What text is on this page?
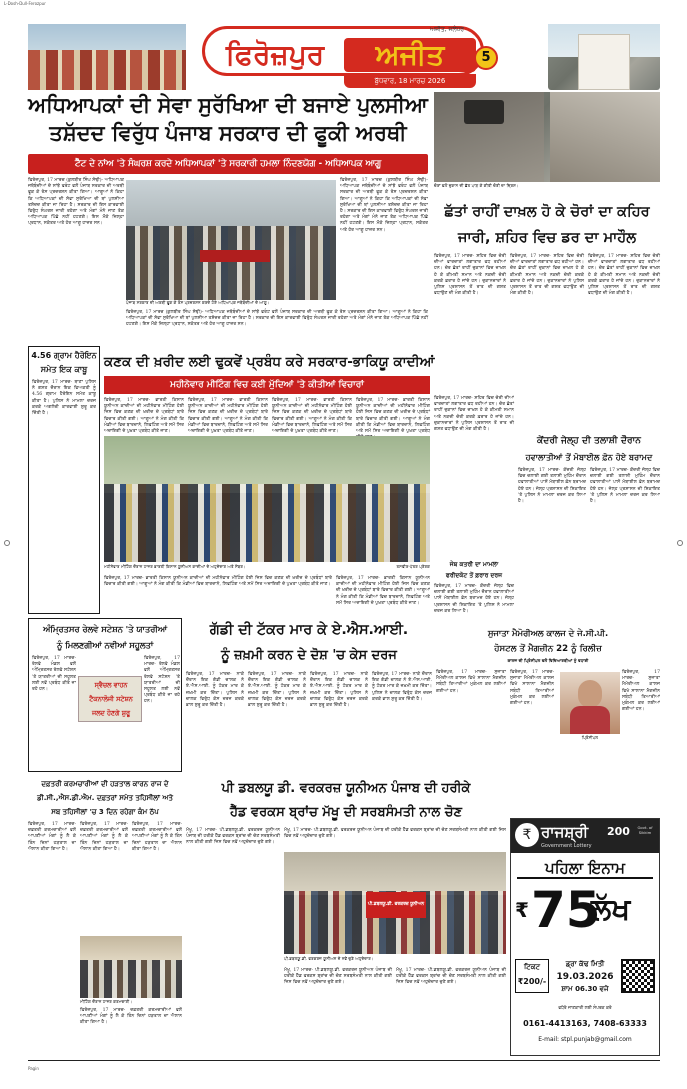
L-Dosh-Dull-Ferozpur
ਅਜੀਤ, ਜਲੰਧਰ
ਫਿਰੋਜ਼ਪੁਰ	ਅਜੀਤ
ਬੁੱਧਵਾਰ, 18 ਮਾਰਚ 2026
5
ਅਧਿਆਪਕਾਂ ਦੀ ਸੇਵਾ ਸੁਰੱਖਿਆ ਦੀ ਬਜਾਏ ਪੁਲਸੀਆ
ਤਸ਼ੱਦਦ ਵਿਰੁੱਧ ਪੰਜਾਬ ਸਰਕਾਰ ਦੀ ਫੂਕੀ ਅਰਥੀ
ਟੈੱਟ ਦੇ ਨਾਂਅ 'ਤੇ ਸੰਘਰਸ਼ ਕਰਦੇ ਅਧਿਆਪਕਾਂ 'ਤੇ ਸਰਕਾਰੀ ਹਮਲਾ ਨਿੰਦਣਯੋਗ - ਅਧਿਆਪਕ ਆਗੂ
ਫਿਰੋਜ਼ਪੁਰ, 17 ਮਾਰਚ (ਕੁਲਬੀਰ ਸਿੰਘ ਸੋਢੀ)- ਅਧਿਆਪਕ ਜਥੇਬੰਦੀਆਂ ਦੇ ਸਾਂਝੇ ਫਰੰਟ ਵਲੋਂ ਪੰਜਾਬ ਸਰਕਾਰ ਦੀ ਅਰਥੀ ਫੂਕ ਕੇ ਰੋਸ ਪ੍ਰਦਰਸ਼ਨ ਕੀਤਾ ਗਿਆ। ਆਗੂਆਂ ਨੇ ਕਿਹਾ ਕਿ ਅਧਿਆਪਕਾਂ ਦੀ ਸੇਵਾ ਸੁਰੱਖਿਆ ਦੀ ਥਾਂ ਪੁਲਸੀਆ ਤਸ਼ੱਦਦ ਕੀਤਾ ਜਾ ਰਿਹਾ ਹੈ। ਸਰਕਾਰ ਦੀ ਇਸ ਕਾਰਵਾਈ ਵਿਰੁੱਧ ਸੰਘਰਸ਼ ਜਾਰੀ ਰਹੇਗਾ ਅਤੇ ਮੰਗਾਂ ਮੰਨੇ ਜਾਣ ਤੱਕ ਅਧਿਆਪਕ ਪਿੱਛੇ ਨਹੀਂ ਹਟਣਗੇ। ਇਸ ਮੌਕੇ ਜ਼ਿਲ੍ਹਾ ਪ੍ਰਧਾਨ, ਸਕੱਤਰ ਅਤੇ ਹੋਰ ਆਗੂ ਹਾਜ਼ਰ ਸਨ।
ਫਿਰੋਜ਼ਪੁਰ, 17 ਮਾਰਚ (ਕੁਲਬੀਰ ਸਿੰਘ ਸੋਢੀ)- ਅਧਿਆਪਕ ਜਥੇਬੰਦੀਆਂ ਦੇ ਸਾਂਝੇ ਫਰੰਟ ਵਲੋਂ ਪੰਜਾਬ ਸਰਕਾਰ ਦੀ ਅਰਥੀ ਫੂਕ ਕੇ ਰੋਸ ਪ੍ਰਦਰਸ਼ਨ ਕੀਤਾ ਗਿਆ। ਆਗੂਆਂ ਨੇ ਕਿਹਾ ਕਿ ਅਧਿਆਪਕਾਂ ਦੀ ਸੇਵਾ ਸੁਰੱਖਿਆ ਦੀ ਥਾਂ ਪੁਲਸੀਆ ਤਸ਼ੱਦਦ ਕੀਤਾ ਜਾ ਰਿਹਾ ਹੈ। ਸਰਕਾਰ ਦੀ ਇਸ ਕਾਰਵਾਈ ਵਿਰੁੱਧ ਸੰਘਰਸ਼ ਜਾਰੀ ਰਹੇਗਾ ਅਤੇ ਮੰਗਾਂ ਮੰਨੇ ਜਾਣ ਤੱਕ ਅਧਿਆਪਕ ਪਿੱਛੇ ਨਹੀਂ ਹਟਣਗੇ। ਇਸ ਮੌਕੇ ਜ਼ਿਲ੍ਹਾ ਪ੍ਰਧਾਨ, ਸਕੱਤਰ ਅਤੇ ਹੋਰ ਆਗੂ ਹਾਜ਼ਰ ਸਨ।
ਪੰਜਾਬ ਸਰਕਾਰ ਦੀ ਅਰਥੀ ਫੂਕ ਕੇ ਰੋਸ ਪ੍ਰਦਰਸ਼ਨ ਕਰਦੇ ਹੋਏ ਅਧਿਆਪਕ ਜਥੇਬੰਦੀਆਂ ਦੇ ਆਗੂ।
ਫਿਰੋਜ਼ਪੁਰ, 17 ਮਾਰਚ (ਕੁਲਬੀਰ ਸਿੰਘ ਸੋਢੀ)- ਅਧਿਆਪਕ ਜਥੇਬੰਦੀਆਂ ਦੇ ਸਾਂਝੇ ਫਰੰਟ ਵਲੋਂ ਪੰਜਾਬ ਸਰਕਾਰ ਦੀ ਅਰਥੀ ਫੂਕ ਕੇ ਰੋਸ ਪ੍ਰਦਰਸ਼ਨ ਕੀਤਾ ਗਿਆ। ਆਗੂਆਂ ਨੇ ਕਿਹਾ ਕਿ ਅਧਿਆਪਕਾਂ ਦੀ ਸੇਵਾ ਸੁਰੱਖਿਆ ਦੀ ਥਾਂ ਪੁਲਸੀਆ ਤਸ਼ੱਦਦ ਕੀਤਾ ਜਾ ਰਿਹਾ ਹੈ। ਸਰਕਾਰ ਦੀ ਇਸ ਕਾਰਵਾਈ ਵਿਰੁੱਧ ਸੰਘਰਸ਼ ਜਾਰੀ ਰਹੇਗਾ ਅਤੇ ਮੰਗਾਂ ਮੰਨੇ ਜਾਣ ਤੱਕ ਅਧਿਆਪਕ ਪਿੱਛੇ ਨਹੀਂ ਹਟਣਗੇ। ਇਸ ਮੌਕੇ ਜ਼ਿਲ੍ਹਾ ਪ੍ਰਧਾਨ, ਸਕੱਤਰ ਅਤੇ ਹੋਰ ਆਗੂ ਹਾਜ਼ਰ ਸਨ।
ਚੋਰਾਂ ਵਲੋਂ ਦੁਕਾਨ ਦੀ ਛੱਤ ਪਾੜ ਕੇ ਕੀਤੀ ਚੋਰੀ ਦਾ ਦ੍ਰਿਸ਼।
ਛੱਤਾਂ ਰਾਹੀਂ ਦਾਖ਼ਲ ਹੋ ਕੇ ਚੋਰਾਂ ਦਾ ਕਹਿਰ
ਜਾਰੀ, ਸ਼ਹਿਰ ਵਿਚ ਡਰ ਦਾ ਮਾਹੌਲ
ਫਿਰੋਜ਼ਪੁਰ, 17 ਮਾਰਚ- ਸ਼ਹਿਰ ਵਿਚ ਚੋਰੀ ਦੀਆਂ ਵਾਰਦਾਤਾਂ ਲਗਾਤਾਰ ਵਧ ਰਹੀਆਂ ਹਨ। ਚੋਰ ਛੱਤਾਂ ਰਾਹੀਂ ਦੁਕਾਨਾਂ ਵਿਚ ਦਾਖ਼ਲ ਹੋ ਕੇ ਕੀਮਤੀ ਸਮਾਨ ਅਤੇ ਨਕਦੀ ਚੋਰੀ ਕਰਕੇ ਫ਼ਰਾਰ ਹੋ ਜਾਂਦੇ ਹਨ। ਦੁਕਾਨਦਾਰਾਂ ਨੇ ਪੁਲਿਸ ਪ੍ਰਸ਼ਾਸਨ ਤੋਂ ਰਾਤ ਦੀ ਗਸ਼ਤ ਵਧਾਉਣ ਦੀ ਮੰਗ ਕੀਤੀ ਹੈ।
ਫਿਰੋਜ਼ਪੁਰ, 17 ਮਾਰਚ- ਸ਼ਹਿਰ ਵਿਚ ਚੋਰੀ ਦੀਆਂ ਵਾਰਦਾਤਾਂ ਲਗਾਤਾਰ ਵਧ ਰਹੀਆਂ ਹਨ। ਚੋਰ ਛੱਤਾਂ ਰਾਹੀਂ ਦੁਕਾਨਾਂ ਵਿਚ ਦਾਖ਼ਲ ਹੋ ਕੇ ਕੀਮਤੀ ਸਮਾਨ ਅਤੇ ਨਕਦੀ ਚੋਰੀ ਕਰਕੇ ਫ਼ਰਾਰ ਹੋ ਜਾਂਦੇ ਹਨ। ਦੁਕਾਨਦਾਰਾਂ ਨੇ ਪੁਲਿਸ ਪ੍ਰਸ਼ਾਸਨ ਤੋਂ ਰਾਤ ਦੀ ਗਸ਼ਤ ਵਧਾਉਣ ਦੀ ਮੰਗ ਕੀਤੀ ਹੈ।
ਫਿਰੋਜ਼ਪੁਰ, 17 ਮਾਰਚ- ਸ਼ਹਿਰ ਵਿਚ ਚੋਰੀ ਦੀਆਂ ਵਾਰਦਾਤਾਂ ਲਗਾਤਾਰ ਵਧ ਰਹੀਆਂ ਹਨ। ਚੋਰ ਛੱਤਾਂ ਰਾਹੀਂ ਦੁਕਾਨਾਂ ਵਿਚ ਦਾਖ਼ਲ ਹੋ ਕੇ ਕੀਮਤੀ ਸਮਾਨ ਅਤੇ ਨਕਦੀ ਚੋਰੀ ਕਰਕੇ ਫ਼ਰਾਰ ਹੋ ਜਾਂਦੇ ਹਨ। ਦੁਕਾਨਦਾਰਾਂ ਨੇ ਪੁਲਿਸ ਪ੍ਰਸ਼ਾਸਨ ਤੋਂ ਰਾਤ ਦੀ ਗਸ਼ਤ ਵਧਾਉਣ ਦੀ ਮੰਗ ਕੀਤੀ ਹੈ।
4.56 ਗ੍ਰਾਮ ਹੈਰੋਇਨ
ਸਮੇਤ ਇਕ ਕਾਬੂ
ਫਿਰੋਜ਼ਪੁਰ, 17 ਮਾਰਚ- ਥਾਣਾ ਪੁਲਿਸ ਨੇ ਗਸ਼ਤ ਦੌਰਾਨ ਇਕ ਵਿਅਕਤੀ ਨੂੰ 4.56 ਗ੍ਰਾਮ ਹੈਰੋਇਨ ਸਮੇਤ ਕਾਬੂ ਕੀਤਾ ਹੈ। ਪੁਲਿਸ ਨੇ ਮਾਮਲਾ ਦਰਜ ਕਰਕੇ ਅਗਲੇਰੀ ਕਾਰਵਾਈ ਸ਼ੁਰੂ ਕਰ ਦਿੱਤੀ ਹੈ।
ਕਣਕ ਦੀ ਖ਼ਰੀਦ ਲਈ ਢੁਕਵੇਂ ਪ੍ਰਬੰਧ ਕਰੇ ਸਰਕਾਰ-ਭਾਕਿਯੂ ਕਾਦੀਆਂ
ਮਹੀਨੇਵਾਰ ਮੀਟਿੰਗ ਵਿਚ ਕਈ ਮੁੱਦਿਆਂ 'ਤੇ ਕੀਤੀਆਂ ਵਿਚਾਰਾਂ
ਫਿਰੋਜ਼ਪੁਰ, 17 ਮਾਰਚ- ਭਾਰਤੀ ਕਿਸਾਨ ਯੂਨੀਅਨ ਕਾਦੀਆਂ ਦੀ ਮਹੀਨੇਵਾਰ ਮੀਟਿੰਗ ਹੋਈ ਜਿਸ ਵਿਚ ਕਣਕ ਦੀ ਖ਼ਰੀਦ ਦੇ ਪ੍ਰਬੰਧਾਂ ਬਾਰੇ ਵਿਚਾਰ ਕੀਤੀ ਗਈ। ਆਗੂਆਂ ਨੇ ਮੰਗ ਕੀਤੀ ਕਿ ਮੰਡੀਆਂ ਵਿਚ ਬਾਰਦਾਨੇ, ਲਿਫਟਿੰਗ ਅਤੇ ਸਮੇਂ ਸਿਰ ਅਦਾਇਗੀ ਦੇ ਪੁਖ਼ਤਾ ਪ੍ਰਬੰਧ ਕੀਤੇ ਜਾਣ।
ਫਿਰੋਜ਼ਪੁਰ, 17 ਮਾਰਚ- ਭਾਰਤੀ ਕਿਸਾਨ ਯੂਨੀਅਨ ਕਾਦੀਆਂ ਦੀ ਮਹੀਨੇਵਾਰ ਮੀਟਿੰਗ ਹੋਈ ਜਿਸ ਵਿਚ ਕਣਕ ਦੀ ਖ਼ਰੀਦ ਦੇ ਪ੍ਰਬੰਧਾਂ ਬਾਰੇ ਵਿਚਾਰ ਕੀਤੀ ਗਈ। ਆਗੂਆਂ ਨੇ ਮੰਗ ਕੀਤੀ ਕਿ ਮੰਡੀਆਂ ਵਿਚ ਬਾਰਦਾਨੇ, ਲਿਫਟਿੰਗ ਅਤੇ ਸਮੇਂ ਸਿਰ ਅਦਾਇਗੀ ਦੇ ਪੁਖ਼ਤਾ ਪ੍ਰਬੰਧ ਕੀਤੇ ਜਾਣ।
ਫਿਰੋਜ਼ਪੁਰ, 17 ਮਾਰਚ- ਭਾਰਤੀ ਕਿਸਾਨ ਯੂਨੀਅਨ ਕਾਦੀਆਂ ਦੀ ਮਹੀਨੇਵਾਰ ਮੀਟਿੰਗ ਹੋਈ ਜਿਸ ਵਿਚ ਕਣਕ ਦੀ ਖ਼ਰੀਦ ਦੇ ਪ੍ਰਬੰਧਾਂ ਬਾਰੇ ਵਿਚਾਰ ਕੀਤੀ ਗਈ। ਆਗੂਆਂ ਨੇ ਮੰਗ ਕੀਤੀ ਕਿ ਮੰਡੀਆਂ ਵਿਚ ਬਾਰਦਾਨੇ, ਲਿਫਟਿੰਗ ਅਤੇ ਸਮੇਂ ਸਿਰ ਅਦਾਇਗੀ ਦੇ ਪੁਖ਼ਤਾ ਪ੍ਰਬੰਧ ਕੀਤੇ ਜਾਣ।
ਫਿਰੋਜ਼ਪੁਰ, 17 ਮਾਰਚ- ਭਾਰਤੀ ਕਿਸਾਨ ਯੂਨੀਅਨ ਕਾਦੀਆਂ ਦੀ ਮਹੀਨੇਵਾਰ ਮੀਟਿੰਗ ਹੋਈ ਜਿਸ ਵਿਚ ਕਣਕ ਦੀ ਖ਼ਰੀਦ ਦੇ ਪ੍ਰਬੰਧਾਂ ਬਾਰੇ ਵਿਚਾਰ ਕੀਤੀ ਗਈ। ਆਗੂਆਂ ਨੇ ਮੰਗ ਕੀਤੀ ਕਿ ਮੰਡੀਆਂ ਵਿਚ ਬਾਰਦਾਨੇ, ਲਿਫਟਿੰਗ ਅਤੇ ਸਮੇਂ ਸਿਰ ਅਦਾਇਗੀ ਦੇ ਪੁਖ਼ਤਾ ਪ੍ਰਬੰਧ
ਮਹੀਨੇਵਾਰ ਮੀਟਿੰਗ ਦੌਰਾਨ ਹਾਜ਼ਰ ਭਾਰਤੀ ਕਿਸਾਨ ਯੂਨੀਅਨ ਕਾਦੀਆਂ ਦੇ ਅਹੁਦੇਦਾਰ ਅਤੇ ਮੈਂਬਰ।	ਤਸਵੀਰ-ਪੱਤਰ ਪ੍ਰੇਰਕ
ਫਿਰੋਜ਼ਪੁਰ, 17 ਮਾਰਚ- ਭਾਰਤੀ ਕਿਸਾਨ ਯੂਨੀਅਨ ਕਾਦੀਆਂ ਦੀ ਮਹੀਨੇਵਾਰ ਮੀਟਿੰਗ ਹੋਈ ਜਿਸ ਵਿਚ ਕਣਕ ਦੀ ਖ਼ਰੀਦ ਦੇ ਪ੍ਰਬੰਧਾਂ ਬਾਰੇ ਵਿਚਾਰ ਕੀਤੀ ਗਈ। ਆਗੂਆਂ ਨੇ ਮੰਗ ਕੀਤੀ ਕਿ ਮੰਡੀਆਂ ਵਿਚ ਬਾਰਦਾਨੇ, ਲਿਫਟਿੰਗ ਅਤੇ ਸਮੇਂ ਸਿਰ ਅਦਾਇਗੀ ਦੇ ਪੁਖ਼ਤਾ ਪ੍ਰਬੰਧ ਕੀਤੇ ਜਾਣ।
ਫਿਰੋਜ਼ਪੁਰ, 17 ਮਾਰਚ- ਭਾਰਤੀ ਕਿਸਾਨ ਯੂਨੀਅਨ ਕਾਦੀਆਂ ਦੀ ਮਹੀਨੇਵਾਰ ਮੀਟਿੰਗ ਹੋਈ ਜਿਸ ਵਿਚ ਕਣਕ ਦੀ ਖ਼ਰੀਦ ਦੇ ਪ੍ਰਬੰਧਾਂ ਬਾਰੇ ਵਿਚਾਰ ਕੀਤੀ ਗਈ। ਆਗੂਆਂ ਨੇ ਮੰਗ ਕੀਤੀ ਕਿ ਮੰਡੀਆਂ ਵਿਚ ਬਾਰਦਾਨੇ, ਲਿਫਟਿੰਗ ਅਤੇ ਸਮੇਂ ਸਿਰ ਅਦਾਇਗੀ ਦੇ ਪੁਖ਼ਤਾ ਪ੍ਰਬੰਧ ਕੀਤੇ ਜਾਣ।
ਫਿਰੋਜ਼ਪੁਰ, 17 ਮਾਰਚ- ਸ਼ਹਿਰ ਵਿਚ ਚੋਰੀ ਦੀਆਂ ਵਾਰਦਾਤਾਂ ਲਗਾਤਾਰ ਵਧ ਰਹੀਆਂ ਹਨ। ਚੋਰ ਛੱਤਾਂ ਰਾਹੀਂ ਦੁਕਾਨਾਂ ਵਿਚ ਦਾਖ਼ਲ ਹੋ ਕੇ ਕੀਮਤੀ ਸਮਾਨ ਅਤੇ ਨਕਦੀ ਚੋਰੀ ਕਰਕੇ ਫ਼ਰਾਰ ਹੋ ਜਾਂਦੇ ਹਨ। ਦੁਕਾਨਦਾਰਾਂ ਨੇ ਪੁਲਿਸ ਪ੍ਰਸ਼ਾਸਨ ਤੋਂ ਰਾਤ ਦੀ ਗਸ਼ਤ ਵਧਾਉਣ ਦੀ ਮੰਗ ਕੀਤੀ ਹੈ।
ਜੇਬ ਕਤਰੀ ਦਾ ਮਾਮਲਾ
ਫਰੀਦਕੋਟ ਤੋਂ ਫ਼ਰਾਰ ਦਰਜ
ਫਿਰੋਜ਼ਪੁਰ, 17 ਮਾਰਚ- ਕੇਂਦਰੀ ਜੇਲ੍ਹ ਵਿਚ ਚਲਾਈ ਗਈ ਤਲਾਸ਼ੀ ਮੁਹਿੰਮ ਦੌਰਾਨ ਹਵਾਲਾਤੀਆਂ ਪਾਸੋਂ ਮੋਬਾਈਲ ਫ਼ੋਨ ਬਰਾਮਦ ਹੋਏ ਹਨ। ਜੇਲ੍ਹ ਪ੍ਰਸ਼ਾਸਨ ਦੀ ਸ਼ਿਕਾਇਤ 'ਤੇ ਪੁਲਿਸ ਨੇ ਮਾਮਲਾ ਦਰਜ ਕਰ ਲਿਆ ਹੈ।
ਕੇਂਦਰੀ ਜੇਲ੍ਹ ਦੀ ਤਲਾਸ਼ੀ ਦੌਰਾਨ
ਹਵਾਲਾਤੀਆਂ ਤੋਂ ਮੋਬਾਈਲ ਫ਼ੋਨ ਹੋਏ ਬਰਾਮਦ
ਫਿਰੋਜ਼ਪੁਰ, 17 ਮਾਰਚ- ਕੇਂਦਰੀ ਜੇਲ੍ਹ ਵਿਚ ਚਲਾਈ ਗਈ ਤਲਾਸ਼ੀ ਮੁਹਿੰਮ ਦੌਰਾਨ ਹਵਾਲਾਤੀਆਂ ਪਾਸੋਂ ਮੋਬਾਈਲ ਫ਼ੋਨ ਬਰਾਮਦ ਹੋਏ ਹਨ। ਜੇਲ੍ਹ ਪ੍ਰਸ਼ਾਸਨ ਦੀ ਸ਼ਿਕਾਇਤ 'ਤੇ ਪੁਲਿਸ ਨੇ ਮਾਮਲਾ ਦਰਜ ਕਰ ਲਿਆ ਹੈ।
ਫਿਰੋਜ਼ਪੁਰ, 17 ਮਾਰਚ- ਕੇਂਦਰੀ ਜੇਲ੍ਹ ਵਿਚ ਚਲਾਈ ਗਈ ਤਲਾਸ਼ੀ ਮੁਹਿੰਮ ਦੌਰਾਨ ਹਵਾਲਾਤੀਆਂ ਪਾਸੋਂ ਮੋਬਾਈਲ ਫ਼ੋਨ ਬਰਾਮਦ ਹੋਏ ਹਨ। ਜੇਲ੍ਹ ਪ੍ਰਸ਼ਾਸਨ ਦੀ ਸ਼ਿਕਾਇਤ 'ਤੇ ਪੁਲਿਸ ਨੇ ਮਾਮਲਾ ਦਰਜ ਕਰ ਲਿਆ ਹੈ।
ਅੰਮ੍ਰਿਤਸਰ ਰੇਲਵੇ ਸਟੇਸ਼ਨ 'ਤੇ ਯਾਤਰੀਆਂ
ਨੂੰ ਮਿਲਣਗੀਆਂ ਨਵੀਆਂ ਸਹੂਲਤਾਂ
ਫਿਰੋਜ਼ਪੁਰ, 17 ਮਾਰਚ- ਰੇਲਵੇ ਮੰਡਲ ਵਲੋਂ ਅੰਮ੍ਰਿਤਸਰ ਰੇਲਵੇ ਸਟੇਸ਼ਨ 'ਤੇ ਯਾਤਰੀਆਂ ਦੀ ਸਹੂਲਤ ਲਈ ਨਵੇਂ ਪ੍ਰਬੰਧ ਕੀਤੇ ਜਾ ਰਹੇ ਹਨ।
ਸ੍ਵੈਚਲ ਵਾਹਨ
ਟੈਕਨਾਲੋਜੀ ਸਟੇਸ਼ਨ
ਜਲਦ ਹੋਣਗੇ ਸ਼ੁਰੂ
ਫਿਰੋਜ਼ਪੁਰ, 17 ਮਾਰਚ- ਰੇਲਵੇ ਮੰਡਲ ਵਲੋਂ ਅੰਮ੍ਰਿਤਸਰ ਰੇਲਵੇ ਸਟੇਸ਼ਨ 'ਤੇ ਯਾਤਰੀਆਂ ਦੀ ਸਹੂਲਤ ਲਈ ਨਵੇਂ ਪ੍ਰਬੰਧ ਕੀਤੇ ਜਾ ਰਹੇ ਹਨ।
ਗੱਡੀ ਦੀ ਟੱਕਰ ਮਾਰ ਕੇ ਏ.ਐਸ.ਆਈ.
ਨੂੰ ਜ਼ਖ਼ਮੀ ਕਰਨ ਦੇ ਦੋਸ਼ 'ਚ ਕੇਸ ਦਰਜ
ਫਿਰੋਜ਼ਪੁਰ, 17 ਮਾਰਚ- ਨਾਕੇ ਦੌਰਾਨ ਇਕ ਗੱਡੀ ਚਾਲਕ ਨੇ ਏ.ਐਸ.ਆਈ. ਨੂੰ ਟੱਕਰ ਮਾਰ ਕੇ ਜ਼ਖ਼ਮੀ ਕਰ ਦਿੱਤਾ। ਪੁਲਿਸ ਨੇ ਚਾਲਕ ਵਿਰੁੱਧ ਕੇਸ ਦਰਜ ਕਰਕੇ ਭਾਲ ਸ਼ੁਰੂ ਕਰ ਦਿੱਤੀ ਹੈ।
ਫਿਰੋਜ਼ਪੁਰ, 17 ਮਾਰਚ- ਨਾਕੇ ਦੌਰਾਨ ਇਕ ਗੱਡੀ ਚਾਲਕ ਨੇ ਏ.ਐਸ.ਆਈ. ਨੂੰ ਟੱਕਰ ਮਾਰ ਕੇ ਜ਼ਖ਼ਮੀ ਕਰ ਦਿੱਤਾ। ਪੁਲਿਸ ਨੇ ਚਾਲਕ ਵਿਰੁੱਧ ਕੇਸ ਦਰਜ ਕਰਕੇ ਭਾਲ ਸ਼ੁਰੂ ਕਰ ਦਿੱਤੀ ਹੈ।
ਫਿਰੋਜ਼ਪੁਰ, 17 ਮਾਰਚ- ਨਾਕੇ ਦੌਰਾਨ ਇਕ ਗੱਡੀ ਚਾਲਕ ਨੇ ਏ.ਐਸ.ਆਈ. ਨੂੰ ਟੱਕਰ ਮਾਰ ਕੇ ਜ਼ਖ਼ਮੀ ਕਰ ਦਿੱਤਾ। ਪੁਲਿਸ ਨੇ ਚਾਲਕ ਵਿਰੁੱਧ ਕੇਸ ਦਰਜ ਕਰਕੇ ਭਾਲ ਸ਼ੁਰੂ ਕਰ ਦਿੱਤੀ ਹੈ।
ਫਿਰੋਜ਼ਪੁਰ, 17 ਮਾਰਚ- ਨਾਕੇ ਦੌਰਾਨ ਇਕ ਗੱਡੀ ਚਾਲਕ ਨੇ ਏ.ਐਸ.ਆਈ. ਨੂੰ ਟੱਕਰ ਮਾਰ ਕੇ ਜ਼ਖ਼ਮੀ ਕਰ ਦਿੱਤਾ। ਪੁਲਿਸ ਨੇ ਚਾਲਕ ਵਿਰੁੱਧ ਕੇਸ ਦਰਜ ਕਰਕੇ ਭਾਲ ਸ਼ੁਰੂ ਕਰ ਦਿੱਤੀ ਹੈ।
ਸੁਜਾਤਾ ਮੈਮੋਰੀਅਲ ਕਾਲਜ ਦੇ ਜੇ.ਸੀ.ਪੀ.
ਹੋਸਟਲ ਤੋਂ ਮੈਗਜ਼ੀਨ 22 ਨੂੰ ਰਿਲੀਜ਼
ਕਾਲਜ ਦੀ ਪ੍ਰਿੰਸੀਪਲ ਵਲੋਂ ਵਿਦਿਆਰਥੀਆਂ ਨੂੰ ਵਧਾਈ
ਫਿਰੋਜ਼ਪੁਰ, 17 ਮਾਰਚ- ਸੁਜਾਤਾ ਮੈਮੋਰੀਅਲ ਕਾਲਜ ਵਿਖੇ ਸਾਲਾਨਾ ਮੈਗਜ਼ੀਨ ਸਬੰਧੀ ਤਿਆਰੀਆਂ ਮੁਕੰਮਲ ਕਰ ਲਈਆਂ ਗਈਆਂ ਹਨ।
ਫਿਰੋਜ਼ਪੁਰ, 17 ਮਾਰਚ- ਸੁਜਾਤਾ ਮੈਮੋਰੀਅਲ ਕਾਲਜ ਵਿਖੇ ਸਾਲਾਨਾ ਮੈਗਜ਼ੀਨ ਸਬੰਧੀ ਤਿਆਰੀਆਂ ਮੁਕੰਮਲ ਕਰ ਲਈਆਂ ਗਈਆਂ ਹਨ।
ਪ੍ਰਿੰਸੀਪਲ
ਫਿਰੋਜ਼ਪੁਰ, 17 ਮਾਰਚ- ਸੁਜਾਤਾ ਮੈਮੋਰੀਅਲ ਕਾਲਜ ਵਿਖੇ ਸਾਲਾਨਾ ਮੈਗਜ਼ੀਨ ਸਬੰਧੀ ਤਿਆਰੀਆਂ ਮੁਕੰਮਲ ਕਰ ਲਈਆਂ ਗਈਆਂ ਹਨ।
ਪੀ ਡਬਲਯੂ ਡੀ. ਵਰਕਰਜ਼ ਯੂਨੀਅਨ ਪੰਜਾਬ ਦੀ ਹਰੀਕੇ
ਹੈੱਡ ਵਰਕਸ ਬ੍ਰਾਂਚ ਮੱਖੂ ਦੀ ਸਰਬਸੰਮਤੀ ਨਾਲ ਚੋਣ
ਮੱਖੂ, 17 ਮਾਰਚ- ਪੀ.ਡਬਲਯੂ.ਡੀ. ਵਰਕਰਜ਼ ਯੂਨੀਅਨ ਪੰਜਾਬ ਦੀ ਹਰੀਕੇ ਹੈੱਡ ਵਰਕਸ ਬ੍ਰਾਂਚ ਦੀ ਚੋਣ ਸਰਬਸੰਮਤੀ ਨਾਲ ਕੀਤੀ ਗਈ ਜਿਸ ਵਿਚ ਨਵੇਂ ਅਹੁਦੇਦਾਰ ਚੁਣੇ ਗਏ।
ਮੱਖੂ, 17 ਮਾਰਚ- ਪੀ.ਡਬਲਯੂ.ਡੀ. ਵਰਕਰਜ਼ ਯੂਨੀਅਨ ਪੰਜਾਬ ਦੀ ਹਰੀਕੇ ਹੈੱਡ ਵਰਕਸ ਬ੍ਰਾਂਚ ਦੀ ਚੋਣ ਸਰਬਸੰਮਤੀ ਨਾਲ ਕੀਤੀ ਗਈ ਜਿਸ ਵਿਚ ਨਵੇਂ ਅਹੁਦੇਦਾਰ ਚੁਣੇ ਗਏ।
ਪੀ.ਡਬਲਯੂ.ਡੀ. ਵਰਕਰਜ਼ ਯੂਨੀਅਨ
ਪੀ.ਡਬਲਯੂ.ਡੀ. ਵਰਕਰਜ਼ ਯੂਨੀਅਨ ਦੇ ਨਵੇਂ ਚੁਣੇ ਅਹੁਦੇਦਾਰ।
ਮੱਖੂ, 17 ਮਾਰਚ- ਪੀ.ਡਬਲਯੂ.ਡੀ. ਵਰਕਰਜ਼ ਯੂਨੀਅਨ ਪੰਜਾਬ ਦੀ ਹਰੀਕੇ ਹੈੱਡ ਵਰਕਸ ਬ੍ਰਾਂਚ ਦੀ ਚੋਣ ਸਰਬਸੰਮਤੀ ਨਾਲ ਕੀਤੀ ਗਈ ਜਿਸ ਵਿਚ ਨਵੇਂ ਅਹੁਦੇਦਾਰ ਚੁਣੇ ਗਏ।
ਮੱਖੂ, 17 ਮਾਰਚ- ਪੀ.ਡਬਲਯੂ.ਡੀ. ਵਰਕਰਜ਼ ਯੂਨੀਅਨ ਪੰਜਾਬ ਦੀ ਹਰੀਕੇ ਹੈੱਡ ਵਰਕਸ ਬ੍ਰਾਂਚ ਦੀ ਚੋਣ ਸਰਬਸੰਮਤੀ ਨਾਲ ਕੀਤੀ ਗਈ ਜਿਸ ਵਿਚ ਨਵੇਂ ਅਹੁਦੇਦਾਰ ਚੁਣੇ ਗਏ।
ਦਫ਼ਤਰੀ ਕਰਮਚਾਰੀਆਂ ਦੀ ਹੜਤਾਲ ਕਾਰਨ ਰਾਜ ਦੇ
ਡੀ.ਸੀ.,ਐਸ.ਡੀ.ਐਮ. ਦਫ਼ਤਰਾਂ ਸਮੇਤ ਤਹਿਸੀਲਾਂ ਅਤੇ
ਸਬ ਤਹਿਸੀਲਾਂ 'ਚ 3 ਦਿਨ ਰਹੇਗਾ ਕੰਮ ਠੱਪ
ਫਿਰੋਜ਼ਪੁਰ, 17 ਮਾਰਚ- ਦਫ਼ਤਰੀ ਕਰਮਚਾਰੀਆਂ ਵਲੋਂ ਆਪਣੀਆਂ ਮੰਗਾਂ ਨੂੰ ਲੈ ਕੇ ਤਿੰਨ ਦਿਨਾਂ ਹੜਤਾਲ ਦਾ ਐਲਾਨ ਕੀਤਾ ਗਿਆ ਹੈ।
ਫਿਰੋਜ਼ਪੁਰ, 17 ਮਾਰਚ- ਦਫ਼ਤਰੀ ਕਰਮਚਾਰੀਆਂ ਵਲੋਂ ਆਪਣੀਆਂ ਮੰਗਾਂ ਨੂੰ ਲੈ ਕੇ ਤਿੰਨ ਦਿਨਾਂ ਹੜਤਾਲ ਦਾ ਐਲਾਨ ਕੀਤਾ ਗਿਆ ਹੈ।
ਫਿਰੋਜ਼ਪੁਰ, 17 ਮਾਰਚ- ਦਫ਼ਤਰੀ ਕਰਮਚਾਰੀਆਂ ਵਲੋਂ ਆਪਣੀਆਂ ਮੰਗਾਂ ਨੂੰ ਲੈ ਕੇ ਤਿੰਨ ਦਿਨਾਂ ਹੜਤਾਲ ਦਾ ਐਲਾਨ ਕੀਤਾ ਗਿਆ ਹੈ।
ਮੀਟਿੰਗ ਦੌਰਾਨ ਹਾਜ਼ਰ ਕਰਮਚਾਰੀ।
ਫਿਰੋਜ਼ਪੁਰ, 17 ਮਾਰਚ- ਦਫ਼ਤਰੀ ਕਰਮਚਾਰੀਆਂ ਵਲੋਂ ਆਪਣੀਆਂ ਮੰਗਾਂ ਨੂੰ ਲੈ ਕੇ ਤਿੰਨ ਦਿਨਾਂ ਹੜਤਾਲ ਦਾ ਐਲਾਨ ਕੀਤਾ ਗਿਆ ਹੈ।
₹ ਰਾਜਸ਼੍ਰੀ	200
Government Lottery
Govt. of Sikkim
ਪਹਿਲਾ ਇਨਾਮ
₹ 75
ਲੱਖ
ਟਿਕਟ
₹200/-
ਡ੍ਰਾ ਕੱਢ ਮਿਤੀ
19.03.2026
ਸ਼ਾਮ 06.30 ਵਜੇ
ਵਧੇਰੇ ਜਾਣਕਾਰੀ ਲਈ ਸੰਪਰਕ ਕਰੋ
0161-4413163, 7408-63333
E-mail: stpl.punjab@gmail.com
Pagin
